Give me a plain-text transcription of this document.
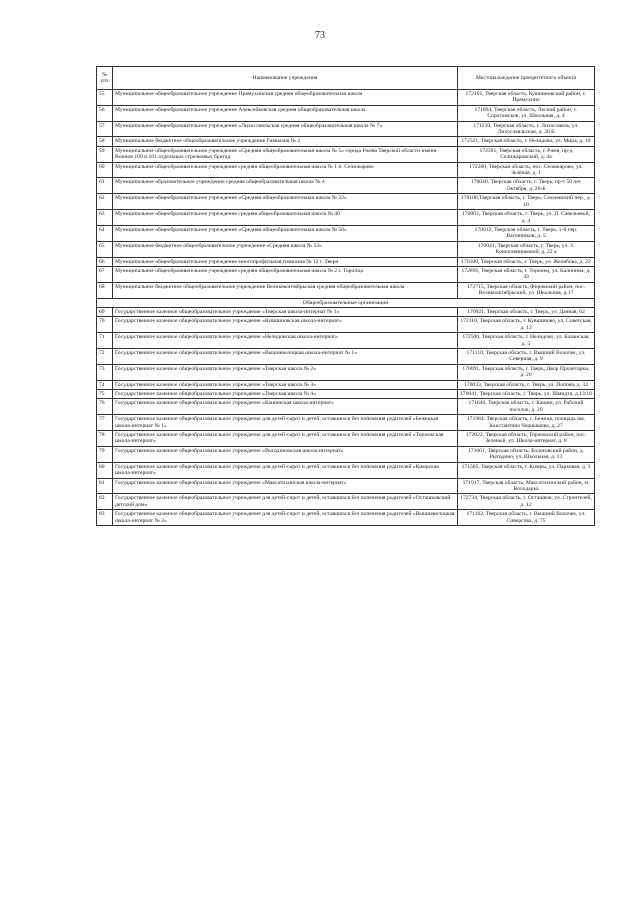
73
№ п/п	Наименование учреждения	Местонахождение приоритетного объекта
55	Муниципальное общеобразовательное учреждение Прямухинская средняя общеобразовательная школа	172101, Тверская область, Кувшиновский район, с. Прямухино
56	Муниципальное общеобразовательное учреждение Алексейковская средняя общеобразовательная школа	171894, Тверская область, Лесной район, с. Сорогожское, ул. Школьная, д. 4
57	Муниципальное общеобразовательное учреждение «Лихославльская средняя общеобразовательная школа № 7»	171210, Тверская область, г. Лихославль, ул. Лихославльская, д. 30 Б
58	Муниципальное бюджетное общеобразовательное учреждение Гимназия № 2	172521, Тверская область, г. Нелидово, ул. Мира, д. 18
59	Муниципальное общеобразовательное учреждение «Средняя общеобразовательная школа № 5» города Ржева Тверской области имени Воинов 100 и 101 отдельных стрелковых бригад	172391, Тверская область, г. Ржев, пр-д Селижаровский, д. 4а
60	Муниципальное общеобразовательное учреждение средняя общеобразовательная школа № 1 п. Селижарово	172200, Тверская область, пос. Селижарово, ул. Зелёная, д. 1
61	Муниципальное образовательное учреждение средняя общеобразовательная школа № 4	170040, Тверская область, г. Тверь, пр-т 50 лет Октября, д. 20-Б
62	Муниципальное общеобразовательное учреждение «Средняя общеобразовательная школа № 22»	170100,Тверская область, г. Тверь, Смоленский пер., д. 10
63	Муниципальное общеобразовательное учреждение средняя общеобразовательная школа № 40	170003, Тверская область, г. Тверь, ул. П. Савельевой, д. 4
64	Муниципальное общеобразовательное учреждение «Средняя общеобразовательная школа № 50»	170012, Тверская область, г. Тверь, 1-й пер. Вагонников, д. 5
65	Муниципальное бюджетное общеобразовательное учреждение «Средняя школа № 53»	170041, Тверская область, г. Тверь, ул. З. Коноплянниковой, д. 22 а
66	Муниципальное общеобразовательное учреждение многопрофильная гимназия № 12 г. Твери	170100, Тверская область, г. Тверь, ул. Желябова, д. 22
67	Муниципальное общеобразовательное учреждение средняя общеобразовательная школа № 2 г. Торопца	172895, Тверская область, г. Торопец, ул. Калинина, д. 43
68	Муниципальное бюджетное общеобразовательное учреждение Великокоптябрьская средняя общеобразовательная школа	172715, Тверская область, Фировский район, пос. Великооктябрьский, ул. Школьная, д.17
Общеобразовательные организации		
69	Государственное казенное общеобразовательное учреждение «Тверская школа-интернат № 1»	170021, Тверская область, г. Тверь, ул. Дачная, 62
70	Государственное казенное общеобразовательное учреждение «Кувшиновская школа-интернат»	172110, Тверская область, г. Кувшиново, ул. Советская, д. 13
71	Государственное казенное общеобразовательное учреждение «Нелидовская школа-интернат»	172500, Тверская область, г. Нелидово, ул. Казанская, д. 5
72	Государственное казенное общеобразовательное учреждение «Вышневолоцкая школа-интернат № 1»	171110, Тверская область, г. Вышний Волочек, ул. Северная, д. 9
73	Государственное казенное общеобразовательное учреждение «Тверская школа № 2»	170091, Тверская область, г. Тверь, Двор Пролетарки, д. 20
74	Государственное казенное общеобразовательное учреждение «Тверская школа № 3»	170033, Тверская область, г. Тверь, ул. Попова, д. 34
75	Государственное казенное общеобразовательное учреждение «Тверская школа № 4»	170041, Тверская область, г. Тверь, ул. Шмидта, д.13/16
76	Государственное казенное общеобразовательное учреждение «Кашинская школа-интернат»	171640, Тверская область, г. Кашин, ул. Рабочий поселок, д. 20
77	Государственное казенное общеобразовательное учреждение для детей-сирот и детей, оставшихся без попечения родителей «Бежецкая школа-интернат № 1»	171984, Тверская область, г. Бежецк, площадь им. Константина Чернышева, д. 27
78	Государственное казенное общеобразовательное учреждение для детей-сирот и детей, оставшихся без попечения родителей «Торжокская школа-интернат»	172022, Тверская область, Торжокский район, пос. Зеленый, ул. Школа-интернат, д. 8
79	Государственное казенное общеобразовательное учреждение «Рыгодиновская школа-интернат»	171061, Тверская область, Бологовский район, д. Рыгодино, ул. Школьная, д. 13
80	Государственное казенное общеобразовательное учреждение для детей-сирот и детей, оставшихся без попечения родителей «Кимрская школа-интернат»	171505, Тверская область, г. Кимры, ул. Парковая, д. 3
81	Государственное казенное общеобразовательное учреждение «Максатихинская школа-интернат»	171917, Тверская область, Максатихинский район, м. Володарка
82	Государственное казенное общеобразовательное учреждение для детей-сирот и детей, оставшихся без попечения родителей «Осташковский детский дом»	172734, Тверская область, г. Осташков, ул. Строителей, д. 12
83	Государственное казенное общеобразовательное учреждение для детей-сирот и детей, оставшихся без попечения родителей «Вышневолоцкая школа-интернат № 2»	171162, Тверская область, г. Вышний Волочек, ул. Сиверсова, д. 75
